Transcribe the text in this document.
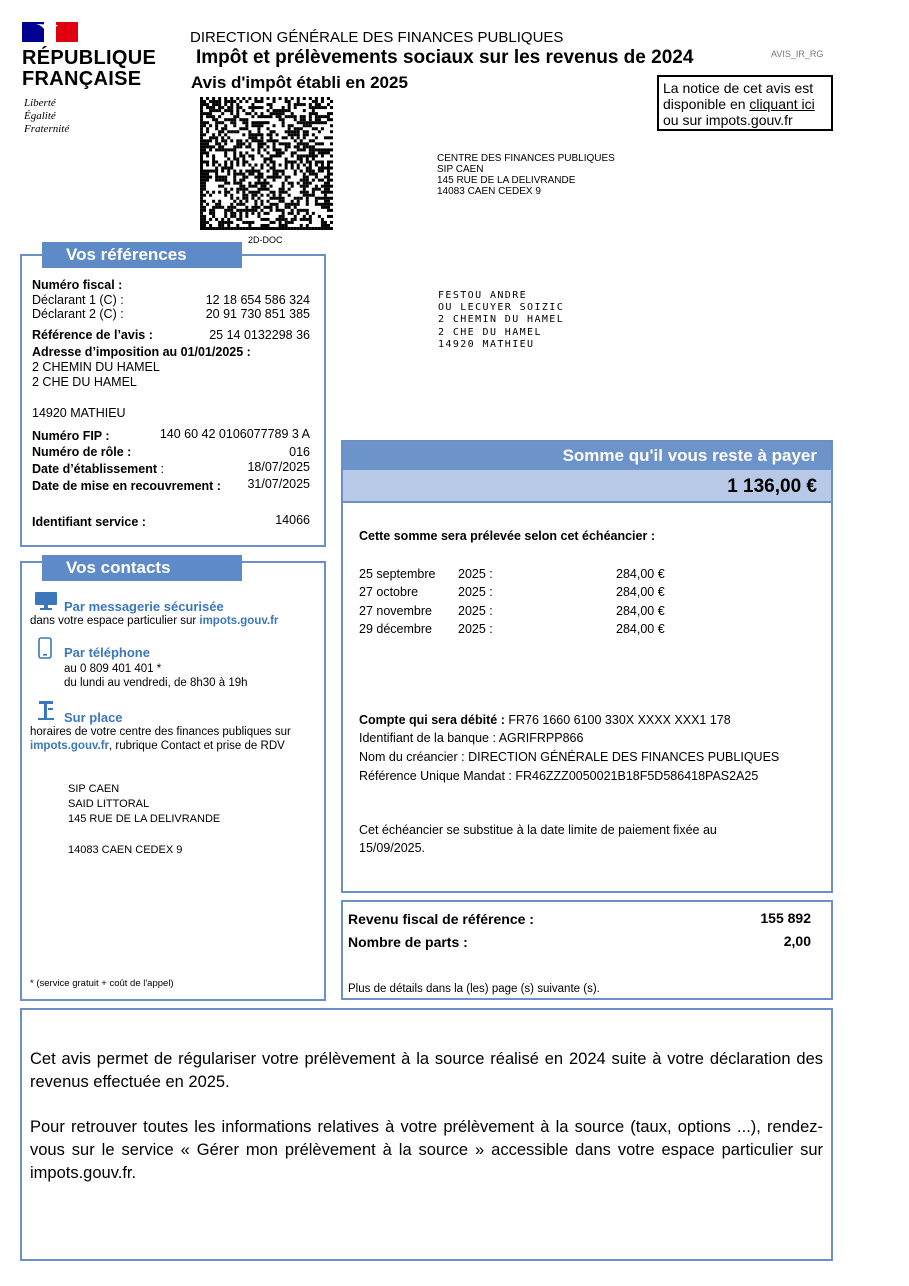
RÉPUBLIQUE
FRANÇAISE
Liberté
Égalité
Fraternité
DIRECTION GÉNÉRALE DES FINANCES PUBLIQUES
Impôt et prélèvements sociaux sur les revenus de 2024	AVIS_IR_RG
Avis d'impôt établi en 2025	La notice de cet avis est
disponible en cliquant ici
ou sur impots.gouv.fr
2D-DOC
CENTRE DES FINANCES PUBLIQUES
SIP CAEN
145 RUE DE LA DELIVRANDE
14083 CAEN CEDEX 9
FESTOU ANDRE
OU LECUYER SOIZIC
2 CHEMIN DU HAMEL
2 CHE DU HAMEL
14920 MATHIEU
Vos références
Numéro fiscal :
Déclarant 1 (C) :	12 18 654 586 324
Déclarant 2 (C) :	20 91 730 851 385
Référence de l’avis :	25 14 0132298 36
Adresse d’imposition au 01/01/2025 :
2 CHEMIN DU HAMEL
2 CHE DU HAMEL
14920 MATHIEU
Numéro FIP :	140 60 42 0106077789 3 A
Numéro de rôle :	016
Date d’établissement :	18/07/2025
Date de mise en recouvrement : 31/07/2025
Identifiant service :	14066
Vos contacts
Par messagerie sécurisée
dans votre espace particulier sur impots.gouv.fr
Par téléphone
au 0 809 401 401 *
du lundi au vendredi, de 8h30 à 19h
Sur place
horaires de votre centre des finances publiques sur
impots.gouv.fr, rubrique Contact et prise de RDV
SIP CAEN
SAID LITTORAL
145 RUE DE LA DELIVRANDE
14083 CAEN CEDEX 9
* (service gratuit + coût de l'appel)
Somme qu'il vous reste à payer
1 136,00 €
Cette somme sera prélevée selon cet échéancier :
25 septembre 2025 :	284,00 €
27 octobre	2025 :	284,00 €
27 novembre 2025 :	284,00 €
29 décembre 2025 :	284,00 €
Compte qui sera débité : FR76 1660 6100 330X XXXX XXX1 178
Identifiant de la banque : AGRIFRPP866
Nom du créancier : DIRECTION GÉNÉRALE DES FINANCES PUBLIQUES
Référence Unique Mandat : FR46ZZZ0050021B18F5D586418PAS2A25
Cet échéancier se substitue à la date limite de paiement fixée au
15/09/2025.
Revenu fiscal de référence :	155 892
Nombre de parts :	2,00
Plus de détails dans la (les) page (s) suivante (s).
Cet avis permet de régulariser votre prélèvement à la source réalisé en 2024 suite à votre déclaration des revenus effectuée en 2025.
Pour retrouver toutes les informations relatives à votre prélèvement à la source (taux, options ...), rendez-vous sur le service « Gérer mon prélèvement à la source » accessible dans votre espace particulier sur impots.gouv.fr.
